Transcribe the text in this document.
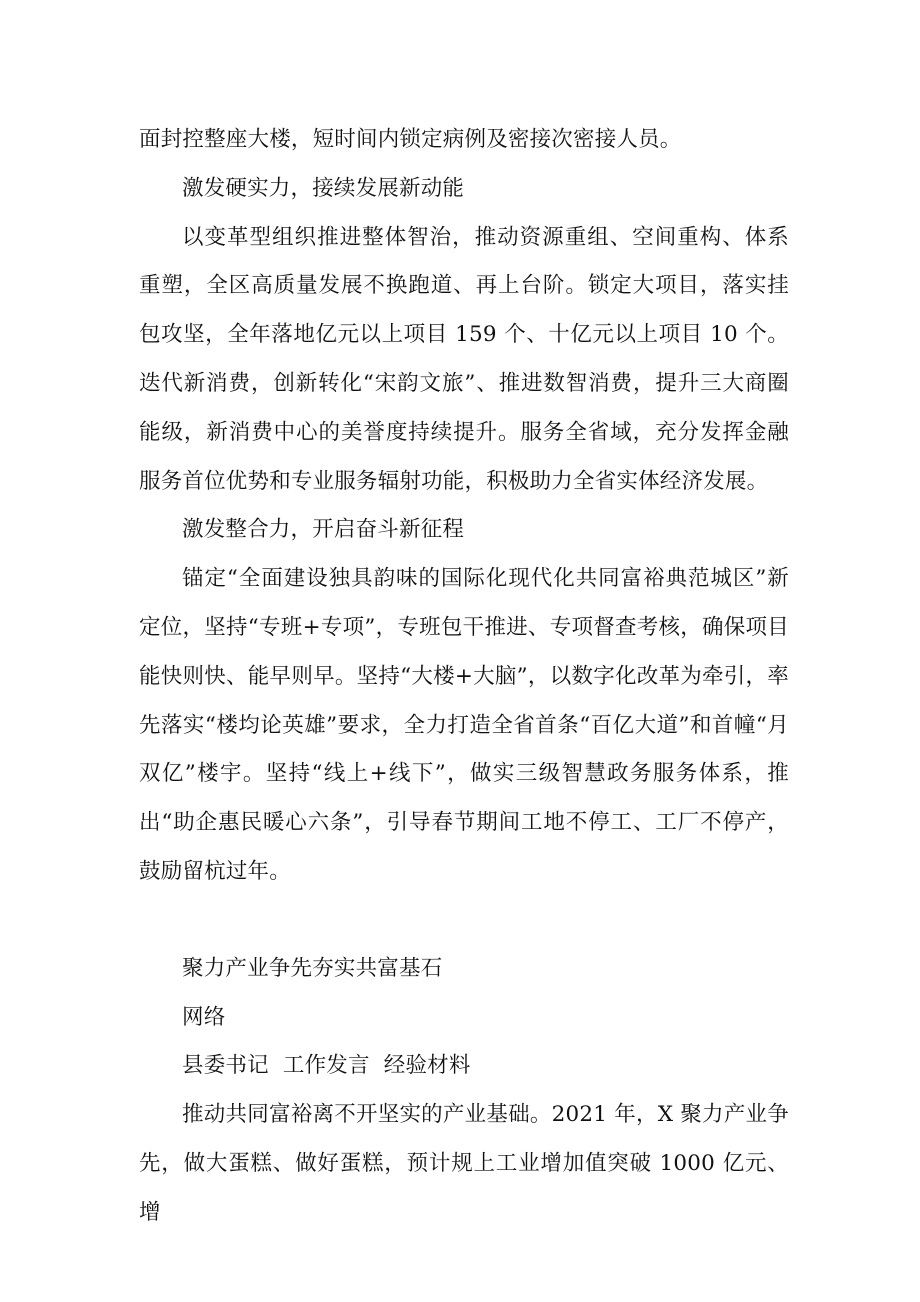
面封控整座大楼，短时间内锁定病例及密接次密接人员。

激发硬实力，接续发展新动能

以变革型组织推进整体智治，推动资源重组、空间重构、体系重塑，全区高质量发展不换跑道、再上台阶。锁定大项目，落实挂包攻坚，全年落地亿元以上项目 159 个、十亿元以上项目 10 个。迭代新消费，创新转化“宋韵文旅”、推进数智消费，提升三大商圈能级，新消费中心的美誉度持续提升。服务全省域，充分发挥金融服务首位优势和专业服务辐射功能，积极助力全省实体经济发展。

激发整合力，开启奋斗新征程

锚定“全面建设独具韵味的国际化现代化共同富裕典范城区”新定位，坚持“专班+专项”，专班包干推进、专项督查考核，确保项目能快则快、能早则早。坚持“大楼+大脑”，以数字化改革为牵引，率先落实“楼均论英雄”要求，全力打造全省首条“百亿大道”和首幢“月双亿”楼宇。坚持“线上+线下”，做实三级智慧政务服务体系，推出“助企惠民暖心六条”，引导春节期间工地不停工、工厂不停产，鼓励留杭过年。

聚力产业争先夯实共富基石

网络

县委书记  工作发言  经验材料

推动共同富裕离不开坚实的产业基础。2021 年，X 聚力产业争先，做大蛋糕、做好蛋糕，预计规上工业增加值突破 1000 亿元、增
